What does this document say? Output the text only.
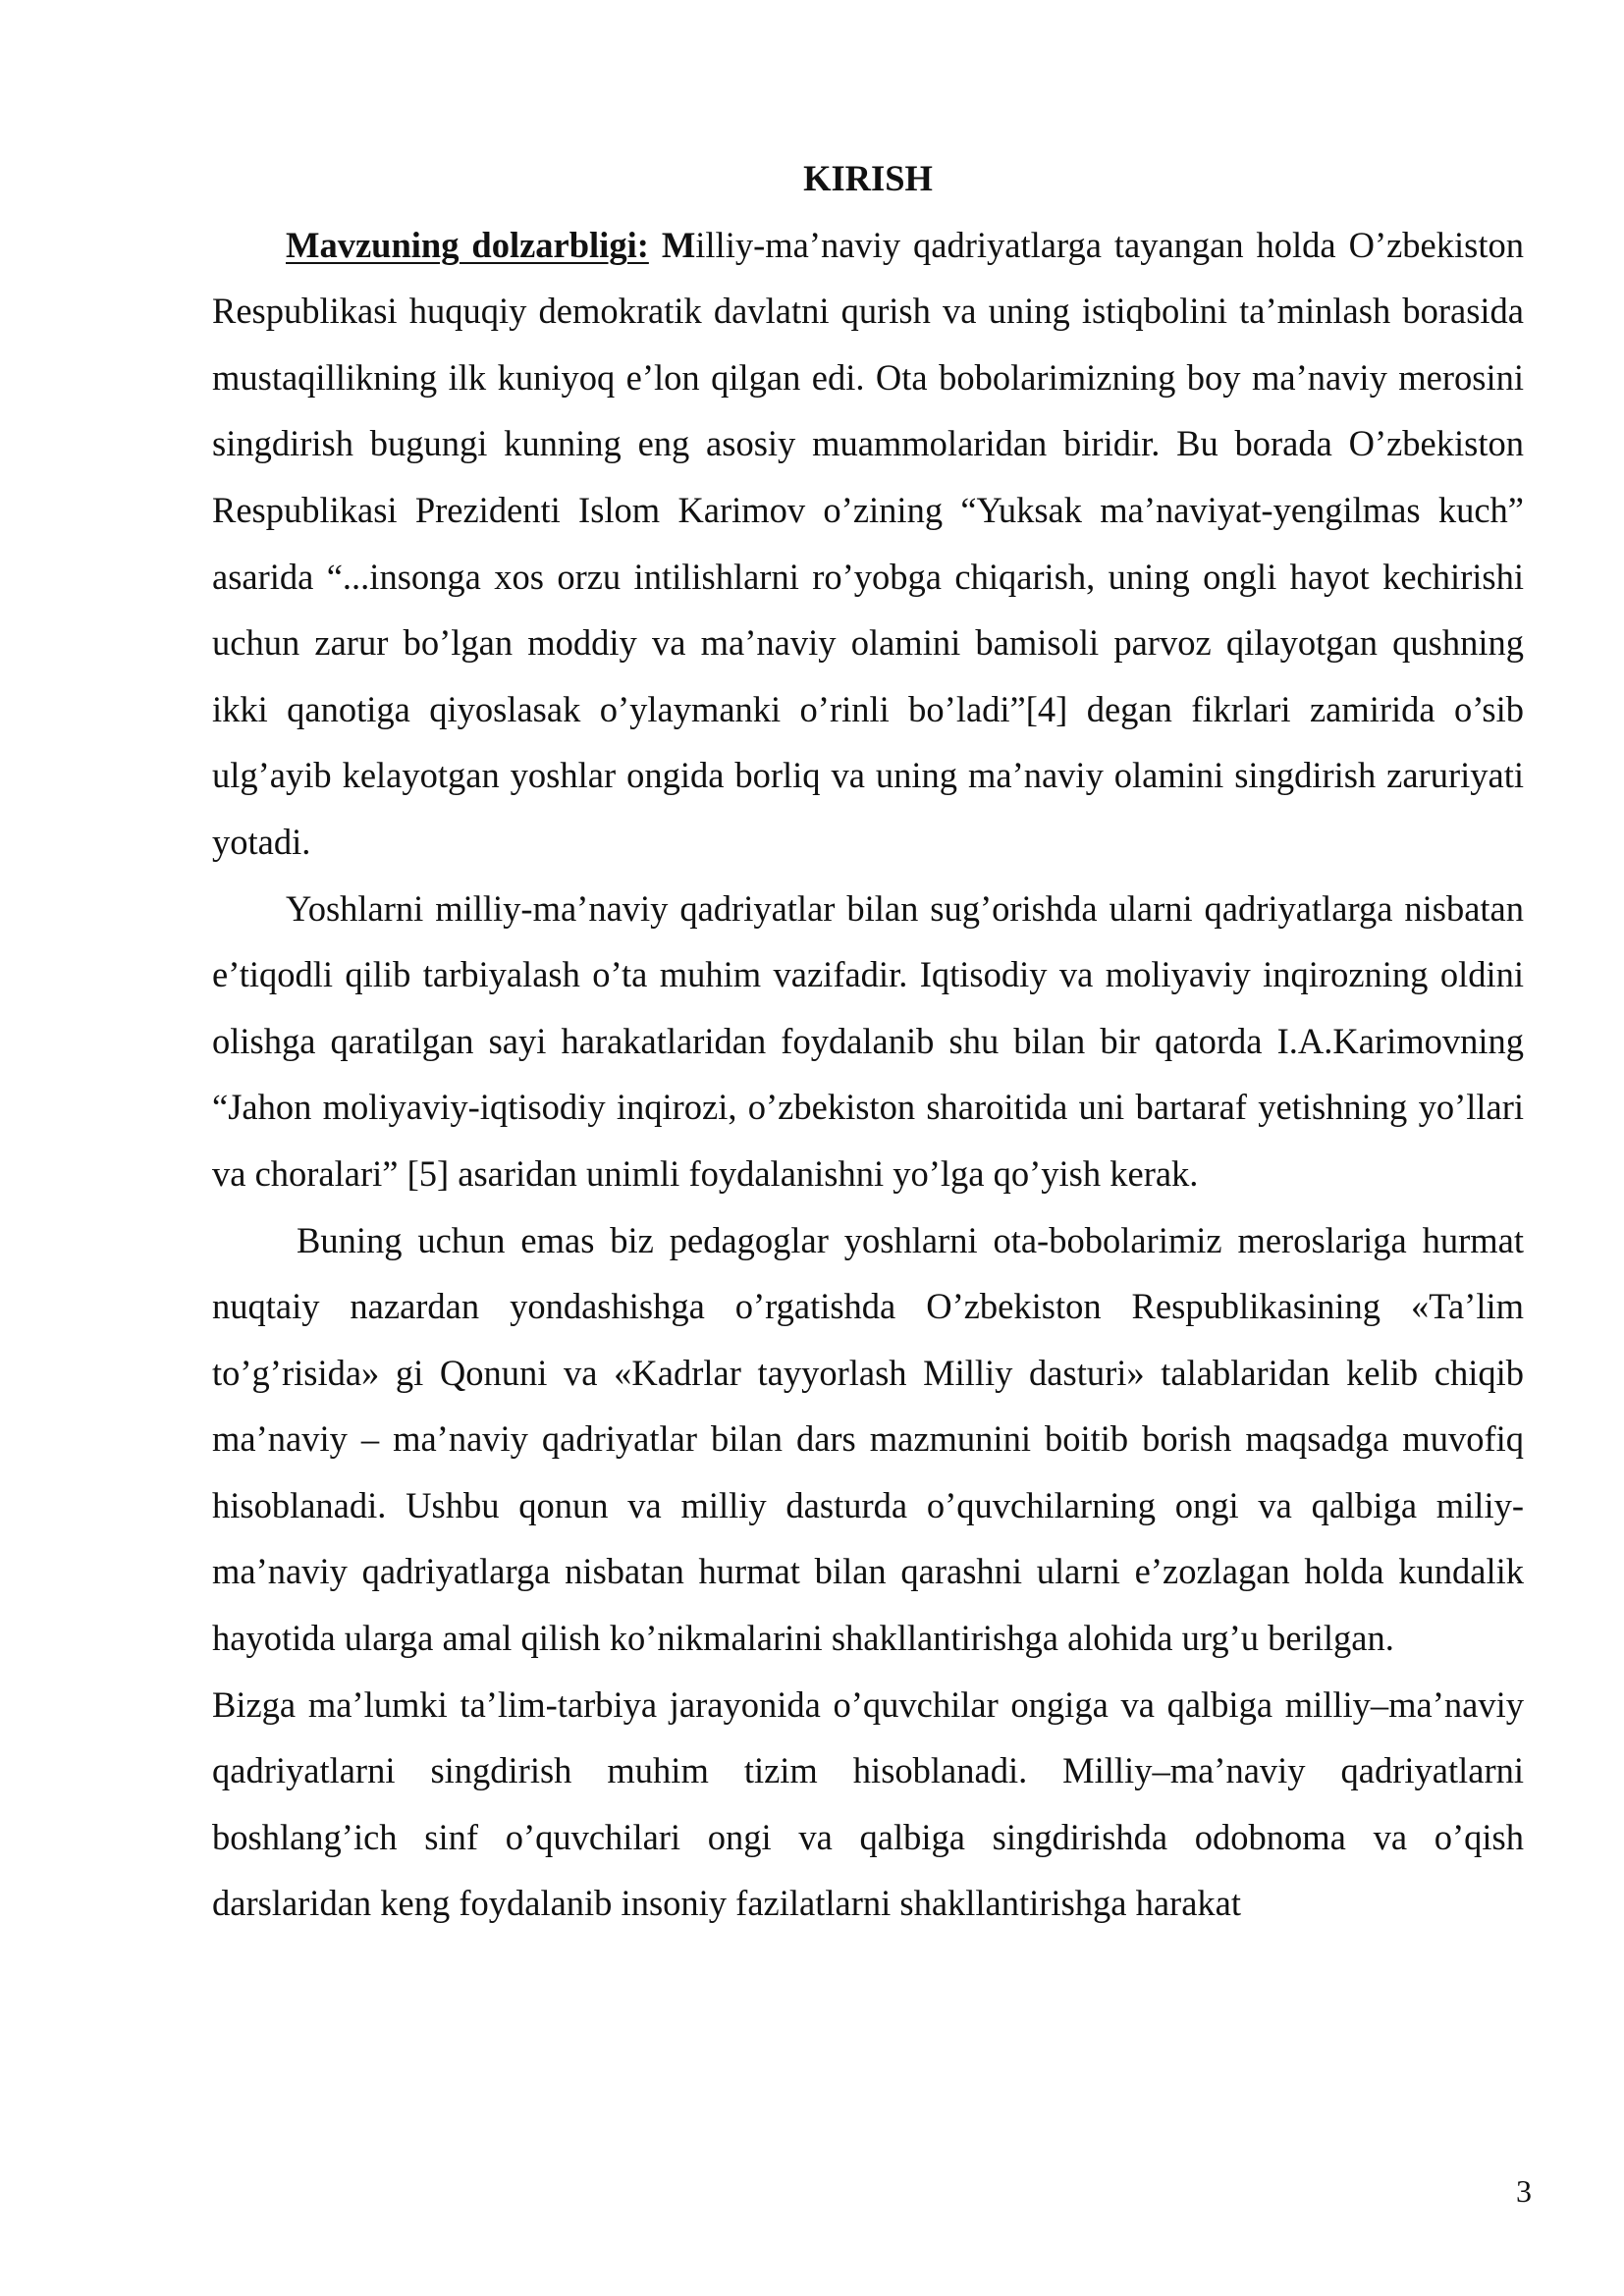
KIRISH

Mavzuning dolzarbligi: Milliy-ma’naviy qadriyatlarga tayangan holda O’zbekiston Respublikasi huquqiy demokratik davlatni qurish va uning istiqbolini ta’minlash borasida mustaqillikning ilk kuniyoq e’lon qilgan edi. Ota bobolarimizning boy ma’naviy merosini singdirish bugungi kunning eng asosiy muammolaridan biridir. Bu borada O’zbekiston Respublikasi Prezidenti Islom Karimov o’zining “Yuksak ma’naviyat-yengilmas kuch” asarida “...insonga xos orzu intilishlarni ro’yobga chiqarish, uning ongli hayot kechirishi uchun zarur bo’lgan moddiy va ma’naviy olamini bamisoli parvoz qilayotgan qushning ikki qanotiga qiyoslasak o’ylaymanki o’rinli bo’ladi”[4] degan fikrlari zamirida o’sib ulg’ayib kelayotgan yoshlar ongida borliq va uning ma’naviy olamini singdirish zaruriyati yotadi.

Yoshlarni milliy-ma’naviy qadriyatlar bilan sug’orishda ularni qadriyatlarga nisbatan e’tiqodli qilib tarbiyalash o’ta muhim vazifadir. Iqtisodiy va moliyaviy inqirozning oldini olishga qaratilgan sayi harakatlaridan foydalanib shu bilan bir qatorda I.A.Karimovning “Jahon moliyaviy-iqtisodiy inqirozi, o’zbekiston sharoitida uni bartaraf yetishning yo’llari va choralari” [5] asaridan unimli foydalanishni yo’lga qo’yish kerak.

Buning uchun emas biz pedagoglar yoshlarni ota-bobolarimiz meroslariga hurmat nuqtaiy nazardan yondashishga o’rgatishda O’zbekiston Respublikasining «Ta’lim to’g’risida» gi Qonuni va «Kadrlar tayyorlash Milliy dasturi» talablaridan kelib chiqib ma’naviy – ma’naviy qadriyatlar bilan dars mazmunini boitib borish maqsadga muvofiq hisoblanadi. Ushbu qonun va milliy dasturda o’quvchilarning ongi va qalbiga miliy-ma’naviy qadriyatlarga nisbatan hurmat bilan qarashni ularni e’zozlagan holda kundalik hayotida ularga amal qilish ko’nikmalarini shakllantirishga alohida urg’u berilgan.

Bizga ma’lumki ta’lim-tarbiya jarayonida o’quvchilar ongiga va qalbiga milliy–ma’naviy qadriyatlarni singdirish muhim tizim hisoblanadi. Milliy–ma’naviy qadriyatlarni boshlang’ich sinf o’quvchilari ongi va qalbiga singdirishda odobnoma va o’qish darslaridan keng foydalanib insoniy fazilatlarni shakllantirishga harakat

3
